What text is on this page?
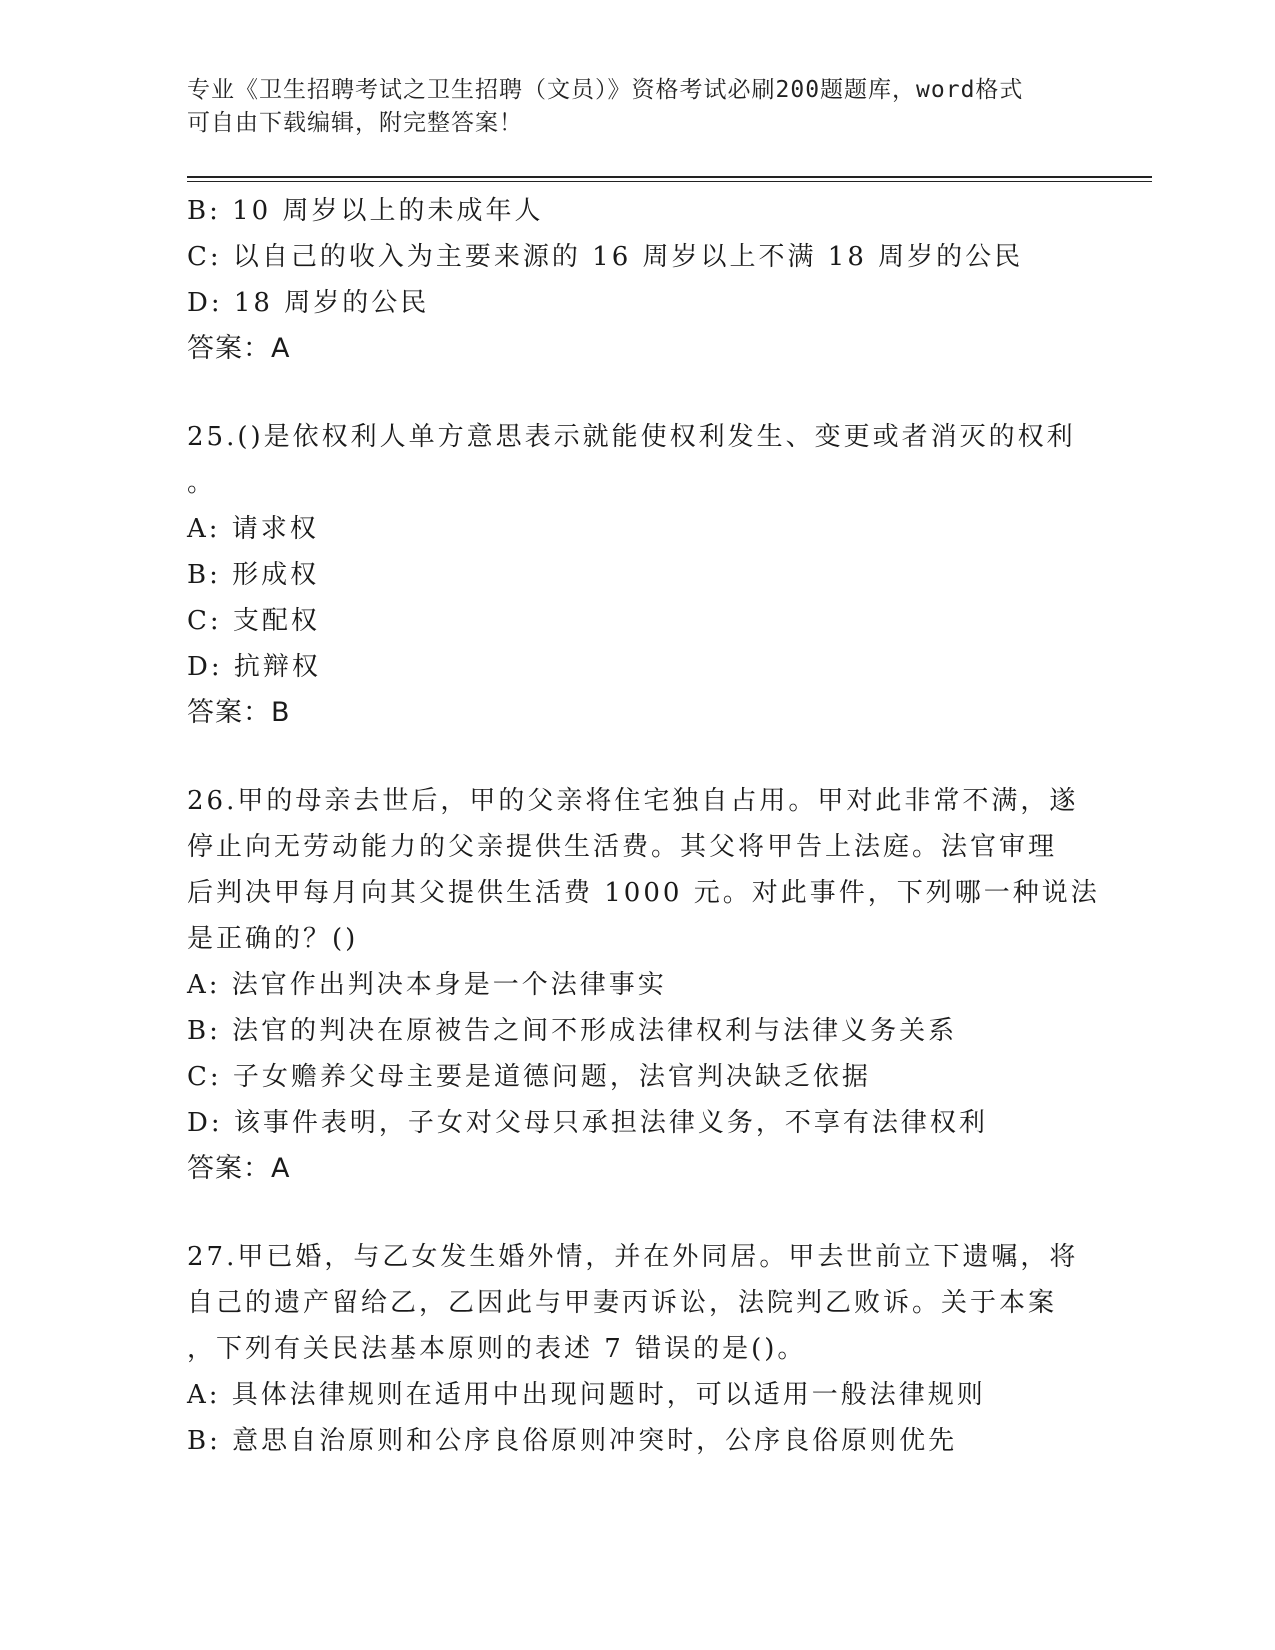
专业《卫生招聘考试之卫生招聘（文员）》资格考试必刷200题题库，word格式
可自由下载编辑，附完整答案！
B: 10 周岁以上的未成年人
C: 以自己的收入为主要来源的 16 周岁以上不满 18 周岁的公民
D: 18 周岁的公民
答案：A
25.()是依权利人单方意思表示就能使权利发生、变更或者消灭的权利
。
A: 请求权
B: 形成权
C: 支配权
D: 抗辩权
答案：B
26.甲的母亲去世后，甲的父亲将住宅独自占用。甲对此非常不满，遂
停止向无劳动能力的父亲提供生活费。其父将甲告上法庭。法官审理
后判决甲每月向其父提供生活费 1000 元。对此事件，下列哪一种说法
是正确的？()
A: 法官作出判决本身是一个法律事实
B: 法官的判决在原被告之间不形成法律权利与法律义务关系
C: 子女赡养父母主要是道德问题，法官判决缺乏依据
D: 该事件表明，子女对父母只承担法律义务，不享有法律权利
答案：A
27.甲已婚，与乙女发生婚外情，并在外同居。甲去世前立下遗嘱，将
自己的遗产留给乙，乙因此与甲妻丙诉讼，法院判乙败诉。关于本案
，下列有关民法基本原则的表述 7 错误的是()。
A: 具体法律规则在适用中出现问题时，可以适用一般法律规则
B: 意思自治原则和公序良俗原则冲突时，公序良俗原则优先
